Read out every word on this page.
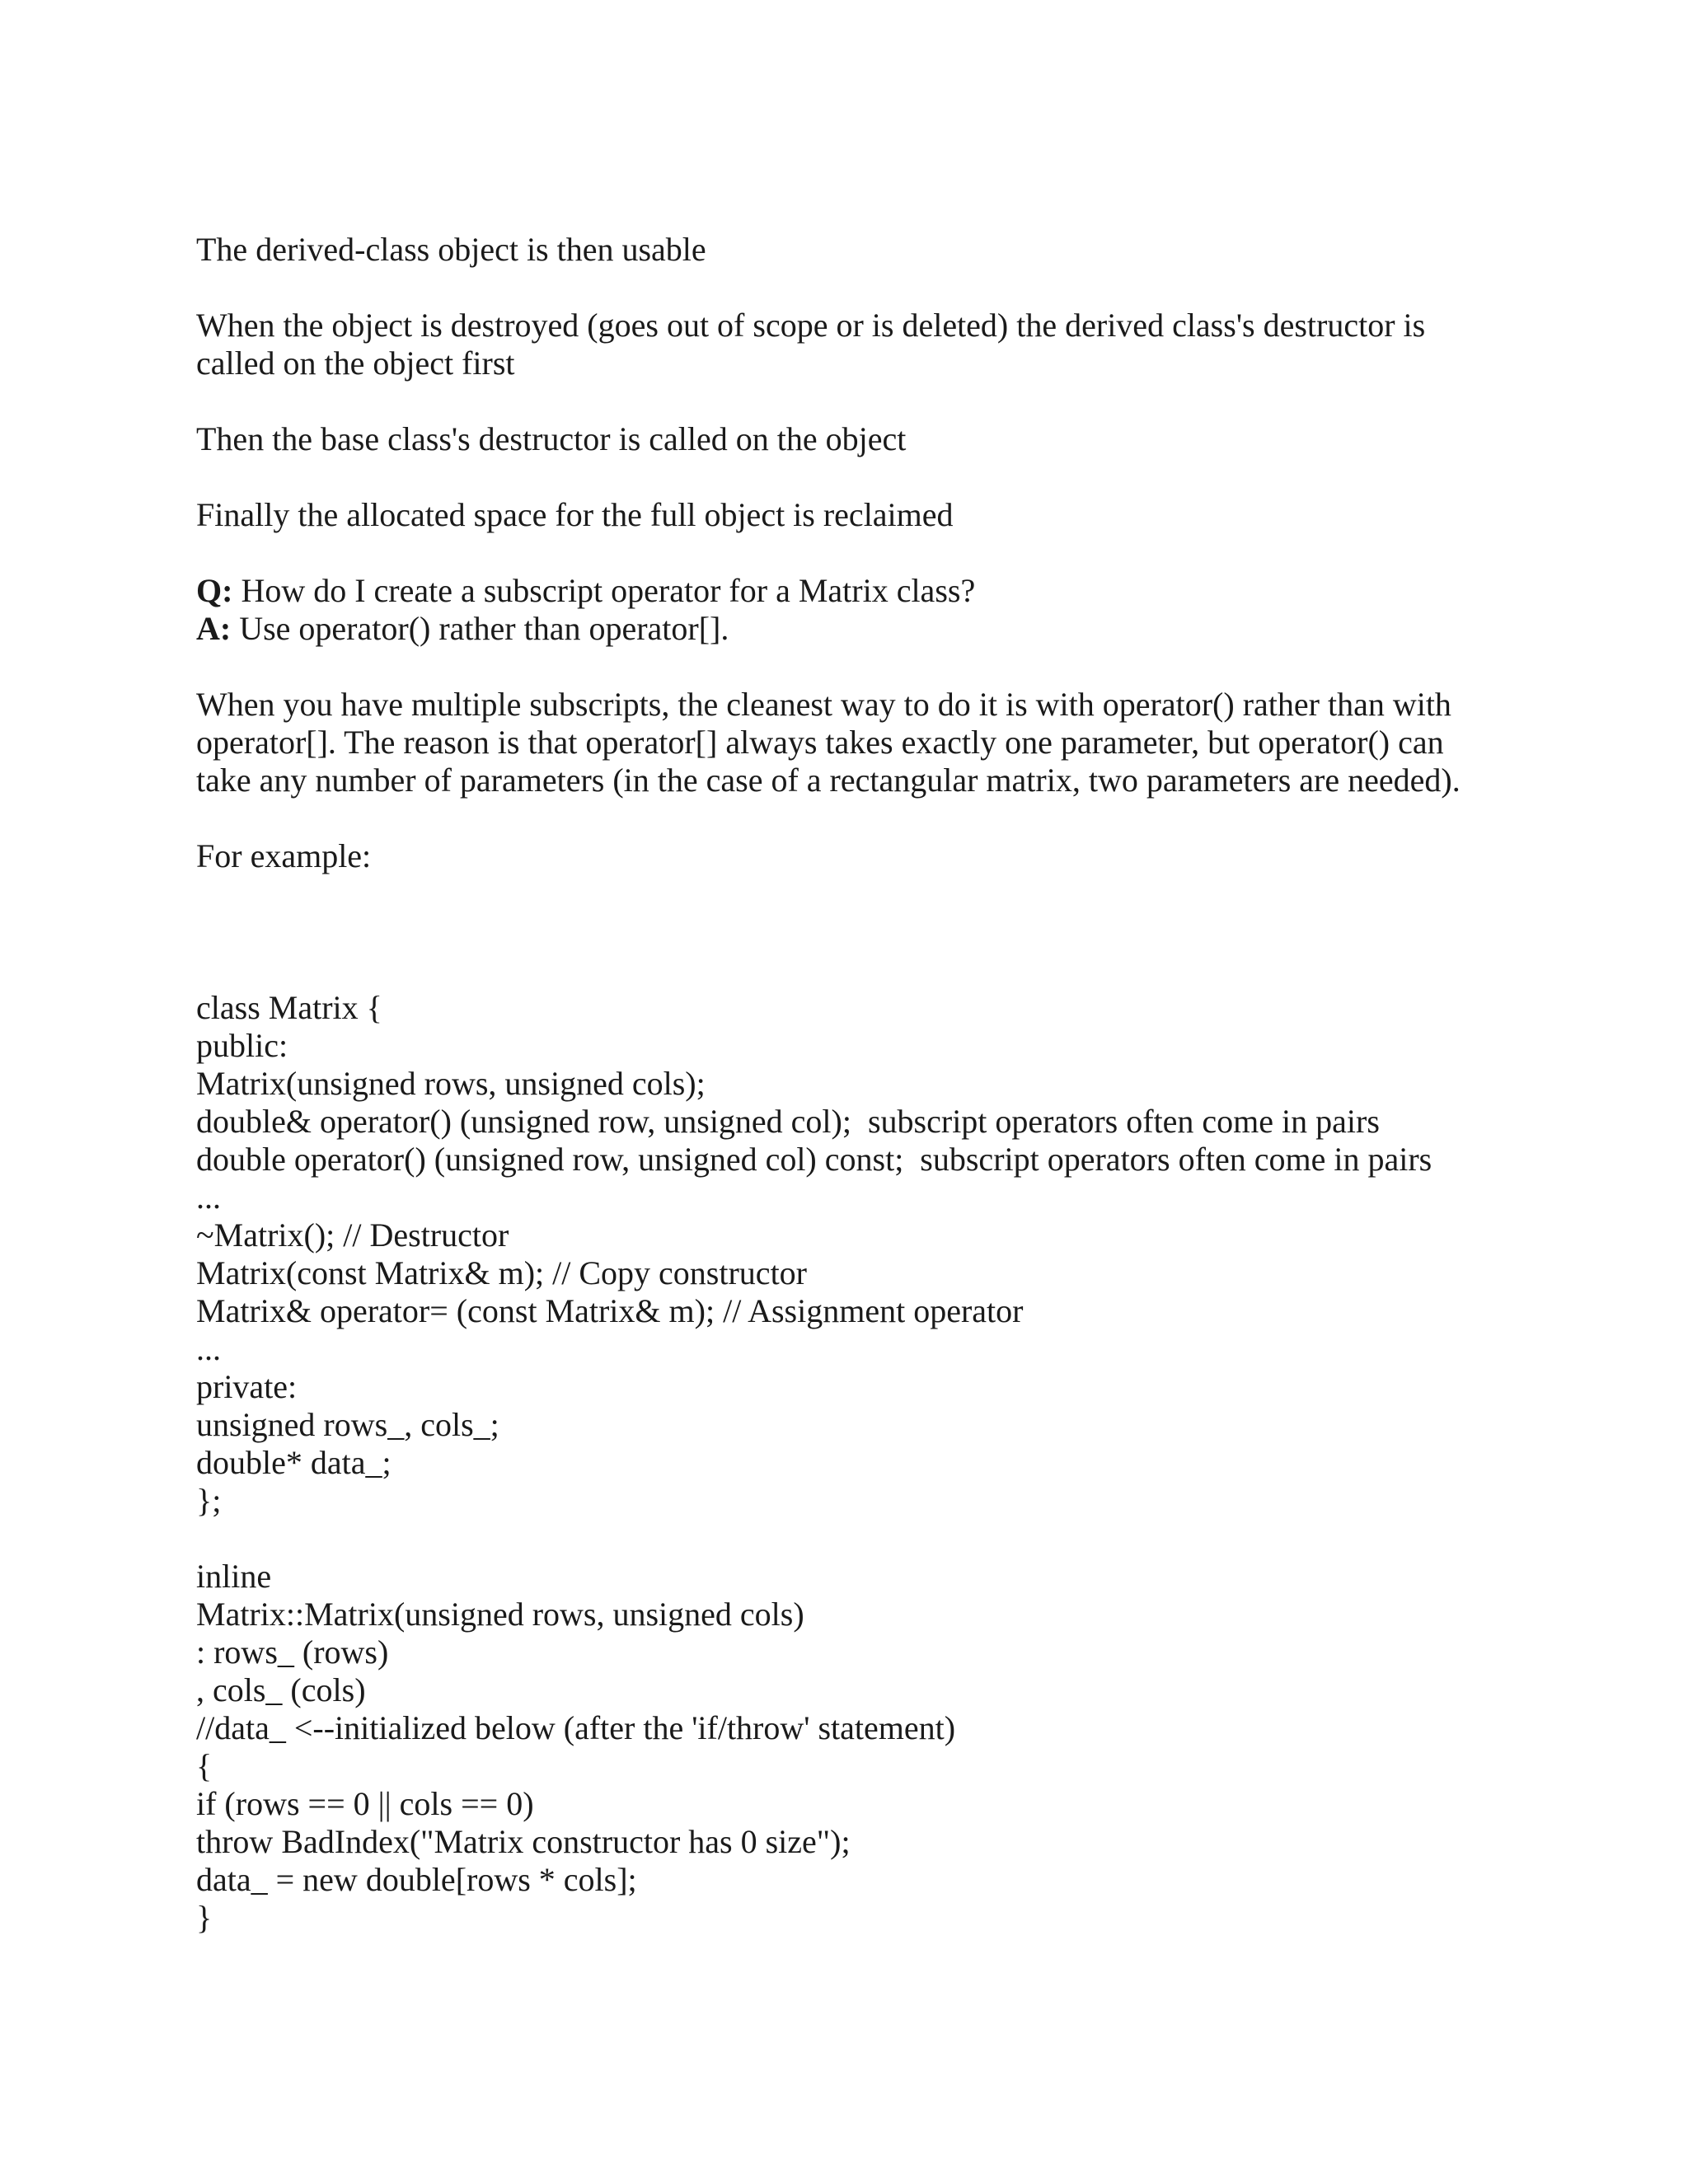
The derived-class object is then usable

When the object is destroyed (goes out of scope or is deleted) the derived class's destructor is
called on the object first

Then the base class's destructor is called on the object

Finally the allocated space for the full object is reclaimed

Q: How do I create a subscript operator for a Matrix class?
A: Use operator() rather than operator[].

When you have multiple subscripts, the cleanest way to do it is with operator() rather than with
operator[]. The reason is that operator[] always takes exactly one parameter, but operator() can
take any number of parameters (in the case of a rectangular matrix, two parameters are needed).

For example:

class Matrix {
public:
Matrix(unsigned rows, unsigned cols);
double& operator() (unsigned row, unsigned col);  subscript operators often come in pairs
double operator() (unsigned row, unsigned col) const;  subscript operators often come in pairs
...
~Matrix(); // Destructor
Matrix(const Matrix& m); // Copy constructor
Matrix& operator= (const Matrix& m); // Assignment operator
...
private:
unsigned rows_, cols_;
double* data_;
};
inline
Matrix::Matrix(unsigned rows, unsigned cols)
: rows_ (rows)
, cols_ (cols)
//data_ <--initialized below (after the 'if/throw' statement)
{
if (rows == 0 || cols == 0)
throw BadIndex("Matrix constructor has 0 size");
data_ = new double[rows * cols];
}
